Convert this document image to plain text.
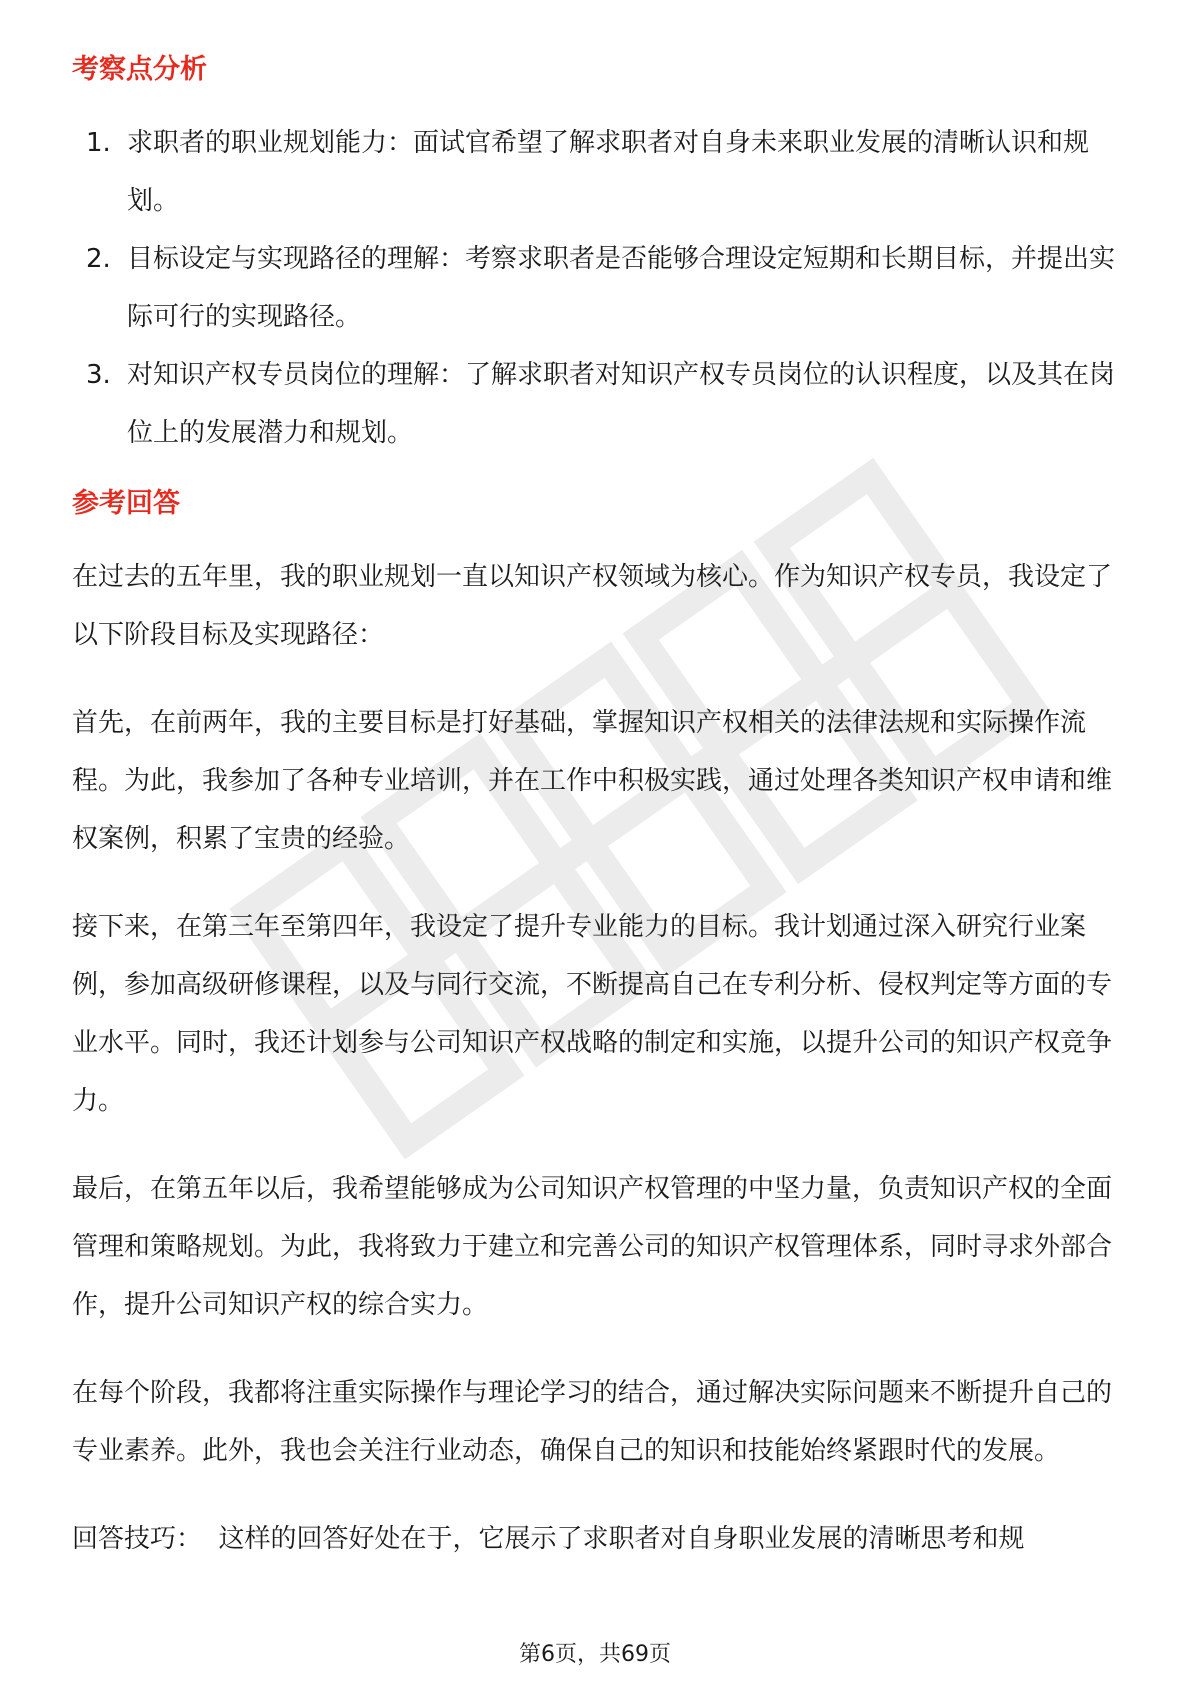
考察点分析
1. 求职者的职业规划能力：面试官希望了解求职者对自身未来职业发展的清晰认识和规划。
2. 目标设定与实现路径的理解：考察求职者是否能够合理设定短期和长期目标，并提出实际可行的实现路径。
3. 对知识产权专员岗位的理解：了解求职者对知识产权专员岗位的认识程度，以及其在岗位上的发展潜力和规划。
参考回答

在过去的五年里，我的职业规划一直以知识产权领域为核心。作为知识产权专员，我设定了以下阶段目标及实现路径：

首先，在前两年，我的主要目标是打好基础，掌握知识产权相关的法律法规和实际操作流程。为此，我参加了各种专业培训，并在工作中积极实践，通过处理各类知识产权申请和维权案例，积累了宝贵的经验。

接下来，在第三年至第四年，我设定了提升专业能力的目标。我计划通过深入研究行业案例，参加高级研修课程，以及与同行交流，不断提高自己在专利分析、侵权判定等方面的专业水平。同时，我还计划参与公司知识产权战略的制定和实施，以提升公司的知识产权竞争力。

最后，在第五年以后，我希望能够成为公司知识产权管理的中坚力量，负责知识产权的全面管理和策略规划。为此，我将致力于建立和完善公司的知识产权管理体系，同时寻求外部合作，提升公司知识产权的综合实力。

在每个阶段，我都将注重实际操作与理论学习的结合，通过解决实际问题来不断提升自己的专业素养。此外，我也会关注行业动态，确保自己的知识和技能始终紧跟时代的发展。

回答技巧：  这样的回答好处在于，它展示了求职者对自身职业发展的清晰思考和规

第6页，共69页
